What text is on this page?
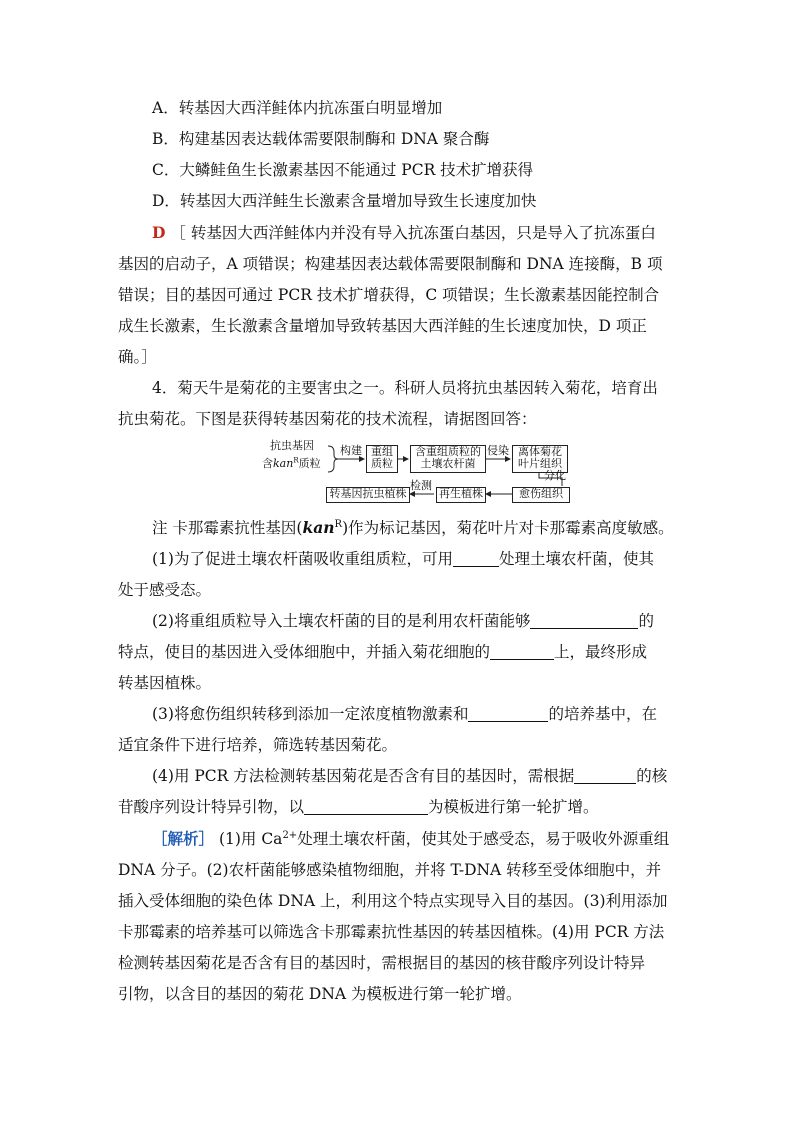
A．转基因大西洋鲑体内抗冻蛋白明显增加
B．构建基因表达载体需要限制酶和 DNA 聚合酶
C．大鳞鲑鱼生长激素基因不能通过 PCR 技术扩增获得
D．转基因大西洋鲑生长激素含量增加导致生长速度加快
D ［ 转基因大西洋鲑体内并没有导入抗冻蛋白基因，只是导入了抗冻蛋白
基因的启动子，A 项错误；构建基因表达载体需要限制酶和 DNA 连接酶，B 项
错误；目的基因可通过 PCR 技术扩增获得，C 项错误；生长激素基因能控制合
成生长激素，生长激素含量增加导致转基因大西洋鲑的生长速度加快，D 项正
确。］
4．菊天牛是菊花的主要害虫之一。科研人员将抗虫基因转入菊花，培育出
抗虫菊花。下图是获得转基因菊花的技术流程，请据图回答：
抗虫基因
含kan$^R$质粒
构建 重组
质粒
含重组质粒的
土壤农杆菌
侵染 离体菊花
叶片组织
分化
愈伤组织
再生植株
检测
转基因抗虫植株
注 卡那霉素抗性基因(kan$^R$)作为标记基因，菊花叶片对卡那霉素高度敏感。
(1)为了促进土壤农杆菌吸收重组质粒，可用	处理土壤农杆菌，使其
处于感受态。
(2)将重组质粒导入土壤农杆菌的目的是利用农杆菌能够	的
特点，使目的基因进入受体细胞中，并插入菊花细胞的	上，最终形成
转基因植株。
(3)将愈伤组织转移到添加一定浓度植物激素和	的培养基中，在
适宜条件下进行培养，筛选转基因菊花。
(4)用 PCR 方法检测转基因菊花是否含有目的基因时，需根据	的核
苷酸序列设计特异引物，以	为模板进行第一轮扩增。
［解析］ (1)用 $Ca^{2+}$处理土壤农杆菌，使其处于感受态，易于吸收外源重组
DNA 分子。(2)农杆菌能够感染植物细胞，并将 T-DNA 转移至受体细胞中，并
插入受体细胞的染色体 DNA 上，利用这个特点实现导入目的基因。(3)利用添加
卡那霉素的培养基可以筛选含卡那霉素抗性基因的转基因植株。(4)用 PCR 方法
检测转基因菊花是否含有目的基因时，需根据目的基因的核苷酸序列设计特异
引物，以含目的基因的菊花 DNA 为模板进行第一轮扩增。
